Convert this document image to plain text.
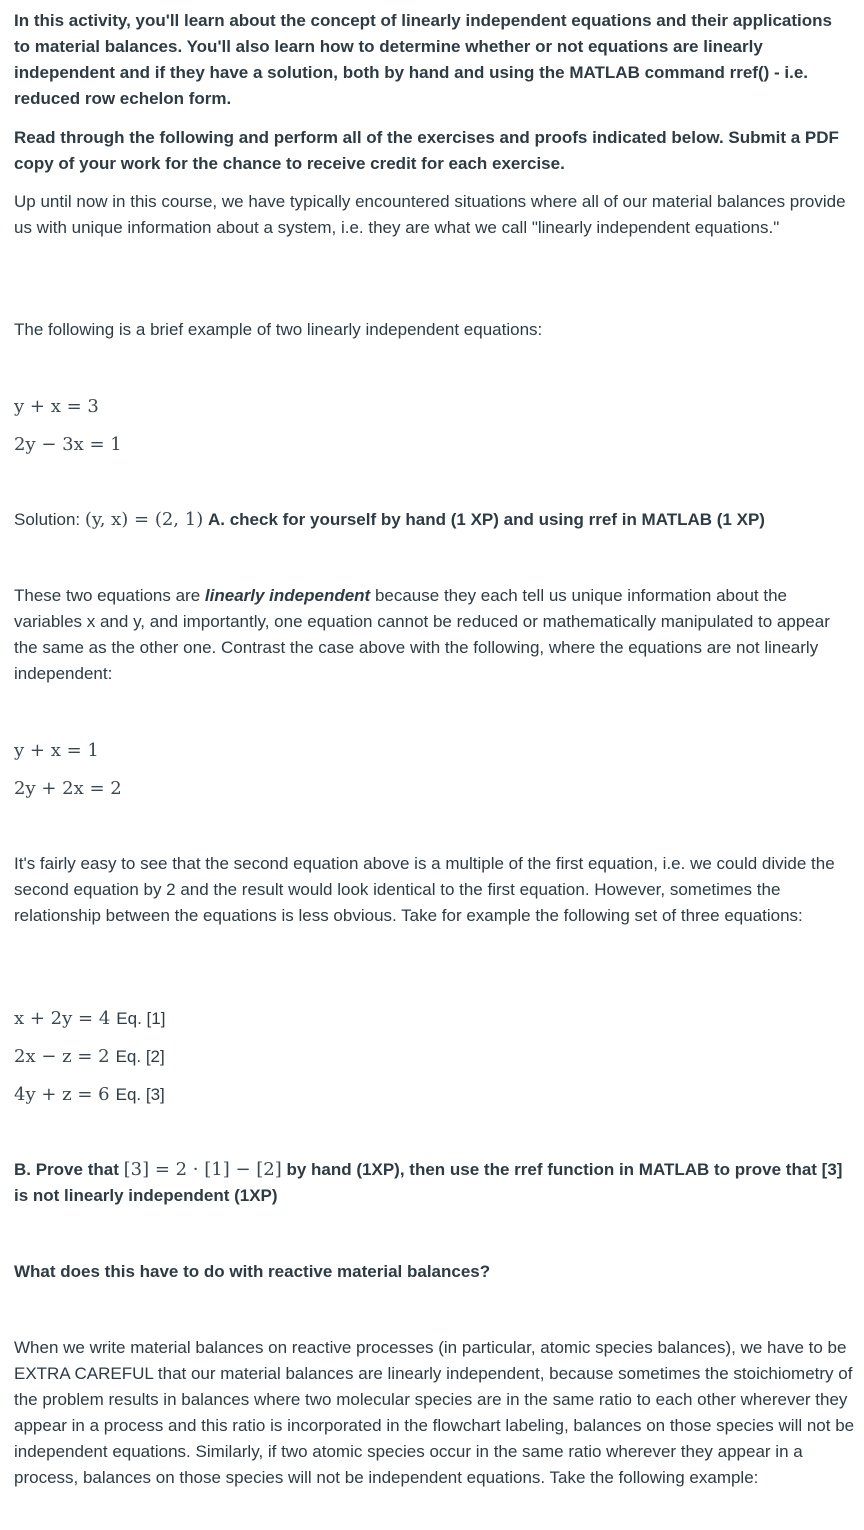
In this activity, you'll learn about the concept of linearly independent equations and their applications to material balances. You'll also learn how to determine whether or not equations are linearly independent and if they have a solution, both by hand and using the MATLAB command rref() - i.e. reduced row echelon form.

Read through the following and perform all of the exercises and proofs indicated below. Submit a PDF copy of your work for the chance to receive credit for each exercise.

Up until now in this course, we have typically encountered situations where all of our material balances provide us with unique information about a system, i.e. they are what we call "linearly independent equations."

The following is a brief example of two linearly independent equations:

y + x = 3
2y − 3x = 1

Solution: (y, x) = (2, 1) A. check for yourself by hand (1 XP) and using rref in MATLAB (1 XP)

These two equations are linearly independent because they each tell us unique information about the variables x and y, and importantly, one equation cannot be reduced or mathematically manipulated to appear the same as the other one. Contrast the case above with the following, where the equations are not linearly independent:

y + x = 1
2y + 2x = 2

It's fairly easy to see that the second equation above is a multiple of the first equation, i.e. we could divide the second equation by 2 and the result would look identical to the first equation. However, sometimes the relationship between the equations is less obvious. Take for example the following set of three equations:

x + 2y = 4 Eq. [1]
2x − z = 2 Eq. [2]
4y + z = 6 Eq. [3]

B. Prove that [3] = 2 · [1] − [2] by hand (1XP), then use the rref function in MATLAB to prove that [3] is not linearly independent (1XP)

What does this have to do with reactive material balances?

When we write material balances on reactive processes (in particular, atomic species balances), we have to be EXTRA CAREFUL that our material balances are linearly independent, because sometimes the stoichiometry of the problem results in balances where two molecular species are in the same ratio to each other wherever they appear in a process and this ratio is incorporated in the flowchart labeling, balances on those species will not be independent equations. Similarly, if two atomic species occur in the same ratio wherever they appear in a process, balances on those species will not be independent equations. Take the following example:
